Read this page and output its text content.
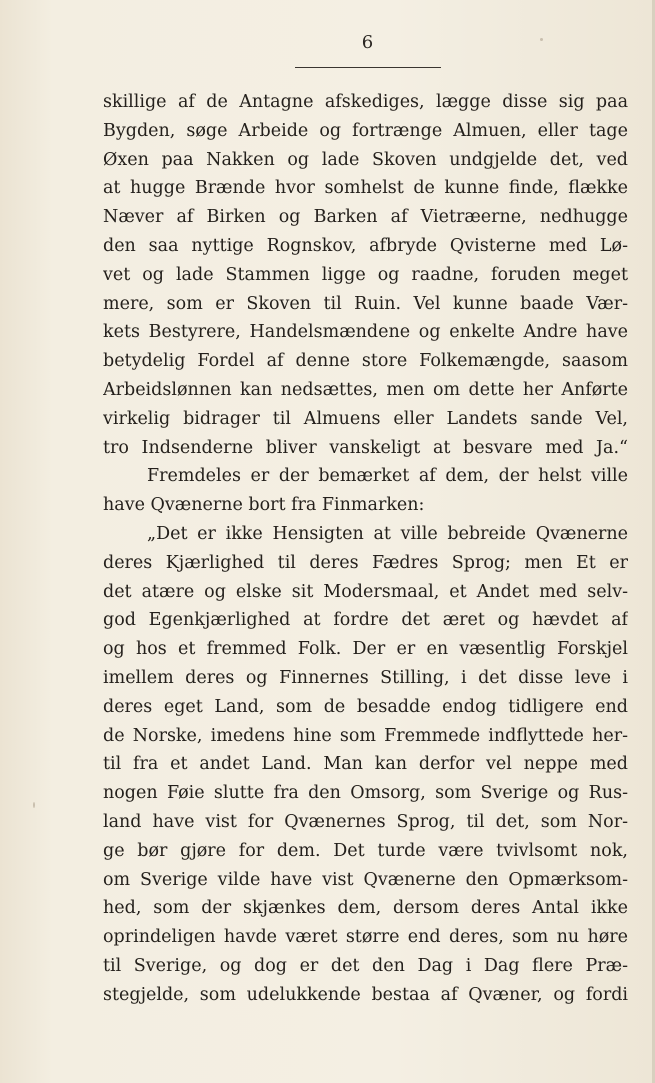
6
skillige af de Antagne afskediges, lægge disse sig paa
Bygden, søge Arbeide og fortrænge Almuen, eller tage
Øxen paa Nakken og lade Skoven undgjelde det, ved
at hugge Brænde hvor somhelst de kunne finde, flække
Næver af Birken og Barken af Vietræerne, nedhugge
den saa nyttige Rognskov, afbryde Qvisterne med Lø-
vet og lade Stammen ligge og raadne, foruden meget
mere, som er Skoven til Ruin. Vel kunne baade Vær-
kets Bestyrere, Handelsmændene og enkelte Andre have
betydelig Fordel af denne store Folkemængde, saasom
Arbeidslønnen kan nedsættes, men om dette her Anførte
virkelig bidrager til Almuens eller Landets sande Vel,
tro Indsenderne bliver vanskeligt at besvare med Ja.“
Fremdeles er der bemærket af dem, der helst ville
have Qvænerne bort fra Finmarken:
„Det er ikke Hensigten at ville bebreide Qvænerne
deres Kjærlighed til deres Fædres Sprog; men Et er
det atære og elske sit Modersmaal, et Andet med selv-
god Egenkjærlighed at fordre det æret og hævdet af
og hos et fremmed Folk. Der er en væsentlig Forskjel
imellem deres og Finnernes Stilling, i det disse leve i
deres eget Land, som de besadde endog tidligere end
de Norske, imedens hine som Fremmede indflyttede her-
til fra et andet Land. Man kan derfor vel neppe med
nogen Føie slutte fra den Omsorg, som Sverige og Rus-
land have vist for Qvænernes Sprog, til det, som Nor-
ge bør gjøre for dem. Det turde være tvivlsomt nok,
om Sverige vilde have vist Qvænerne den Opmærksom-
hed, som der skjænkes dem, dersom deres Antal ikke
oprindeligen havde været større end deres, som nu høre
til Sverige, og dog er det den Dag i Dag flere Præ-
stegjelde, som udelukkende bestaa af Qvæner, og fordi
